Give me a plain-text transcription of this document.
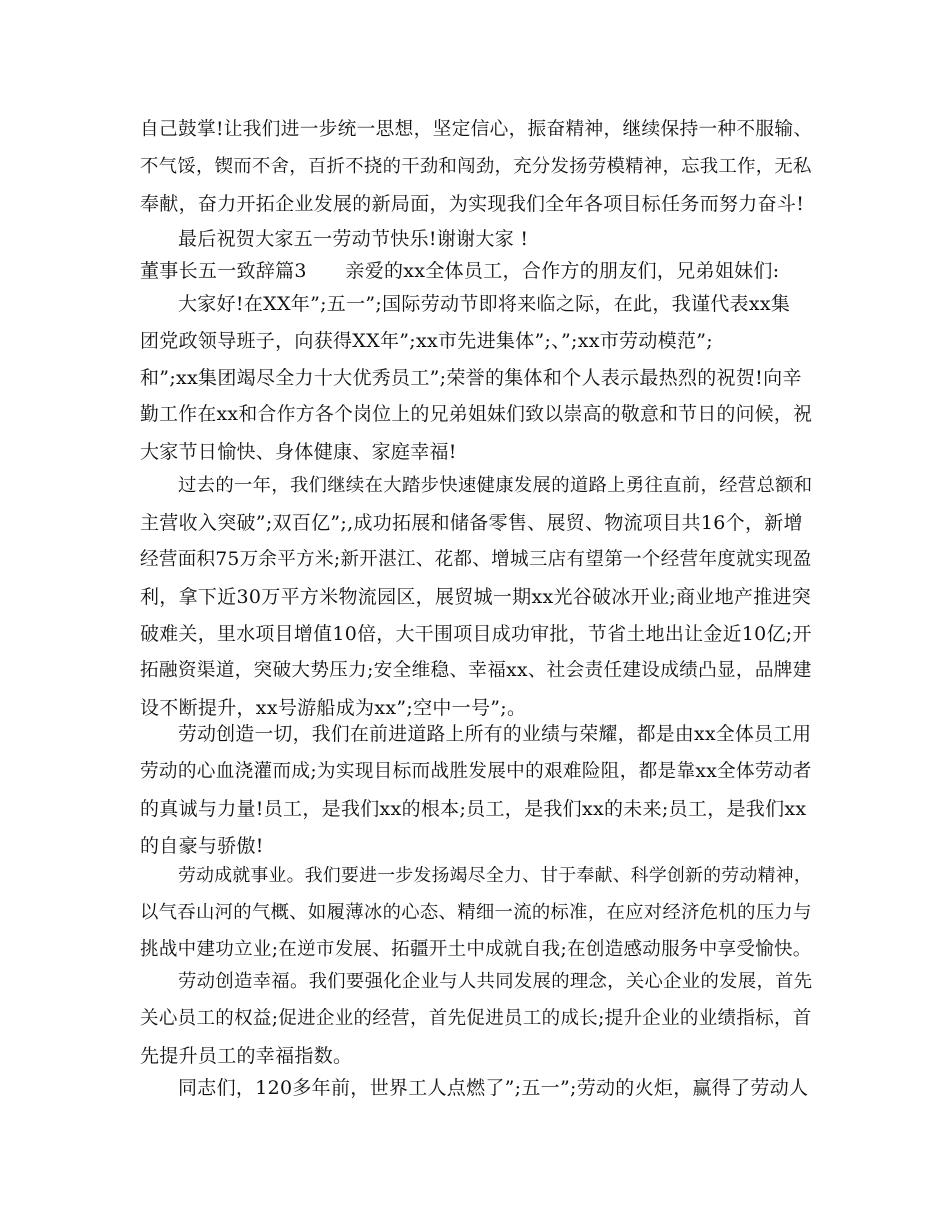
自己鼓掌!让我们进一步统一思想，坚定信心，振奋精神，继续保持一种不服输、
不气馁，锲而不舍，百折不挠的干劲和闯劲，充分发扬劳模精神，忘我工作，无私
奉献，奋力开拓企业发展的新局面，为实现我们全年各项目标任务而努力奋斗!
最后祝贺大家五一劳动节快乐!谢谢大家 !
董事长五一致辞篇3　　亲爱的xx全体员工，合作方的朋友们，兄弟姐妹们:
大家好!在XX年”;五一”;国际劳动节即将来临之际，在此，我谨代表xx集
团党政领导班子，向获得XX年”;xx市先进集体”;、”;xx市劳动模范”;
和”;xx集团竭尽全力十大优秀员工”;荣誉的集体和个人表示最热烈的祝贺!向辛
勤工作在xx和合作方各个岗位上的兄弟姐妹们致以崇高的敬意和节日的问候，祝
大家节日愉快、身体健康、家庭幸福!
过去的一年，我们继续在大踏步快速健康发展的道路上勇往直前，经营总额和
主营收入突破”;双百亿”;,成功拓展和储备零售、展贸、物流项目共16个，新增
经营面积75万余平方米;新开湛江、花都、增城三店有望第一个经营年度就实现盈
利，拿下近30万平方米物流园区，展贸城一期xx光谷破冰开业;商业地产推进突
破难关，里水项目增值10倍，大干围项目成功审批，节省土地出让金近10亿;开
拓融资渠道，突破大势压力;安全维稳、幸福xx、社会责任建设成绩凸显，品牌建
设不断提升，xx号游船成为xx”;空中一号”;。
劳动创造一切，我们在前进道路上所有的业绩与荣耀，都是由xx全体员工用
劳动的心血浇灌而成;为实现目标而战胜发展中的艰难险阻，都是靠xx全体劳动者
的真诚与力量!员工，是我们xx的根本;员工，是我们xx的未来;员工，是我们xx
的自豪与骄傲!
劳动成就事业。我们要进一步发扬竭尽全力、甘于奉献、科学创新的劳动精神，
以气吞山河的气概、如履薄冰的心态、精细一流的标准，在应对经济危机的压力与
挑战中建功立业;在逆市发展、拓疆开土中成就自我;在创造感动服务中享受愉快。
劳动创造幸福。我们要强化企业与人共同发展的理念，关心企业的发展，首先
关心员工的权益;促进企业的经营，首先促进员工的成长;提升企业的业绩指标，首
先提升员工的幸福指数。
同志们，120多年前，世界工人点燃了”;五一”;劳动的火炬，赢得了劳动人
